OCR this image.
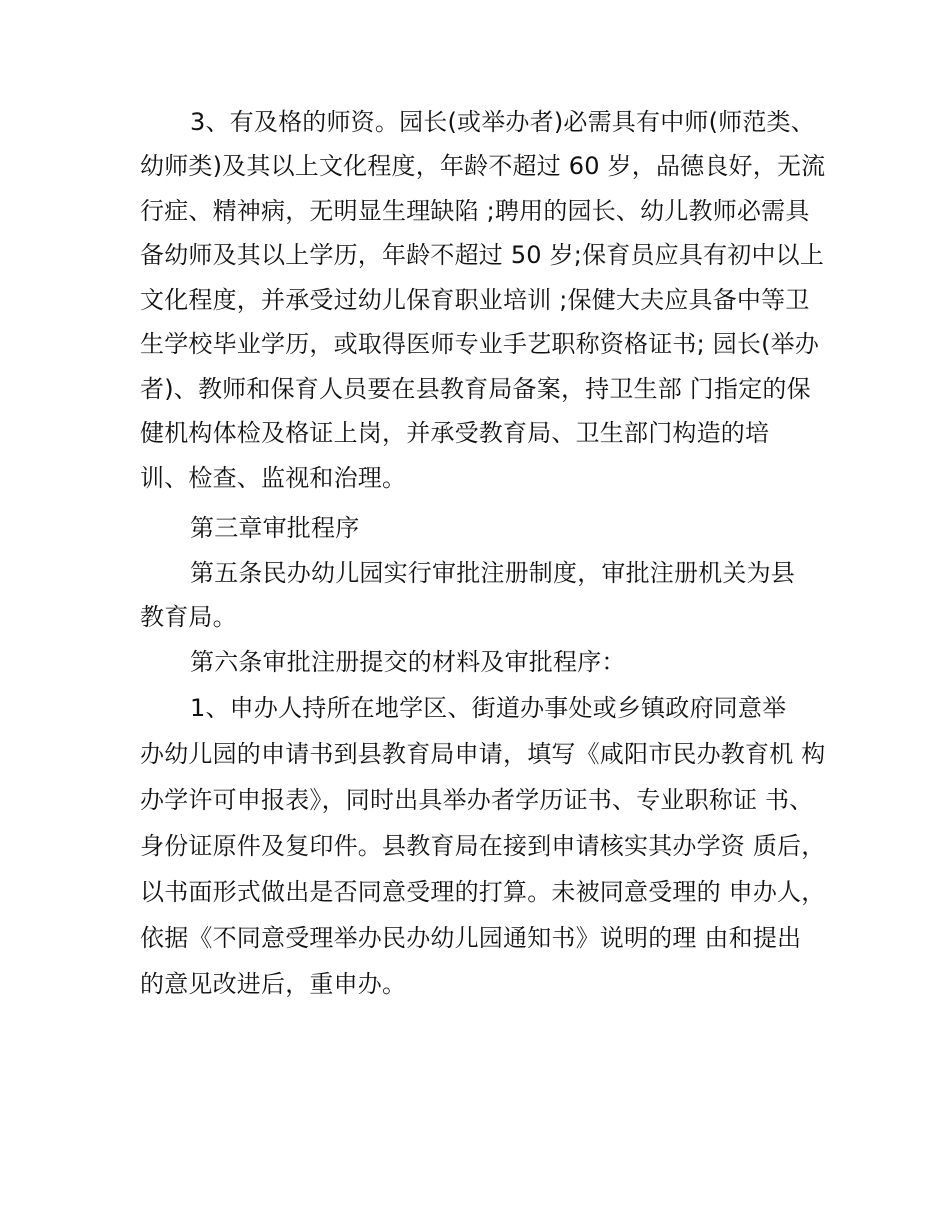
3、有及格的师资。园长(或举办者)必需具有中师(师范类、
幼师类)及其以上文化程度，年龄不超过 60 岁，品德良好，无流
行症、精神病，无明显生理缺陷 ;聘用的园长、幼儿教师必需具
备幼师及其以上学历，年龄不超过 50 岁;保育员应具有初中以上
文化程度，并承受过幼儿保育职业培训 ;保健大夫应具备中等卫
生学校毕业学历，或取得医师专业手艺职称资格证书; 园长(举办
者)、教师和保育人员要在县教育局备案，持卫生部 门指定的保
健机构体检及格证上岗，并承受教育局、卫生部门构造的培
训、检查、监视和治理。
第三章审批程序
第五条民办幼儿园实行审批注册制度，审批注册机关为县
教育局。
第六条审批注册提交的材料及审批程序：
1、申办人持所在地学区、街道办事处或乡镇政府同意举
办幼儿园的申请书到县教育局申请，填写《咸阳市民办教育机 构
办学许可申报表》，同时出具举办者学历证书、专业职称证 书、
身份证原件及复印件。县教育局在接到申请核实其办学资 质后，
以书面形式做出是否同意受理的打算。未被同意受理的 申办人，
依据《不同意受理举办民办幼儿园通知书》说明的理 由和提出
的意见改进后，重申办。
